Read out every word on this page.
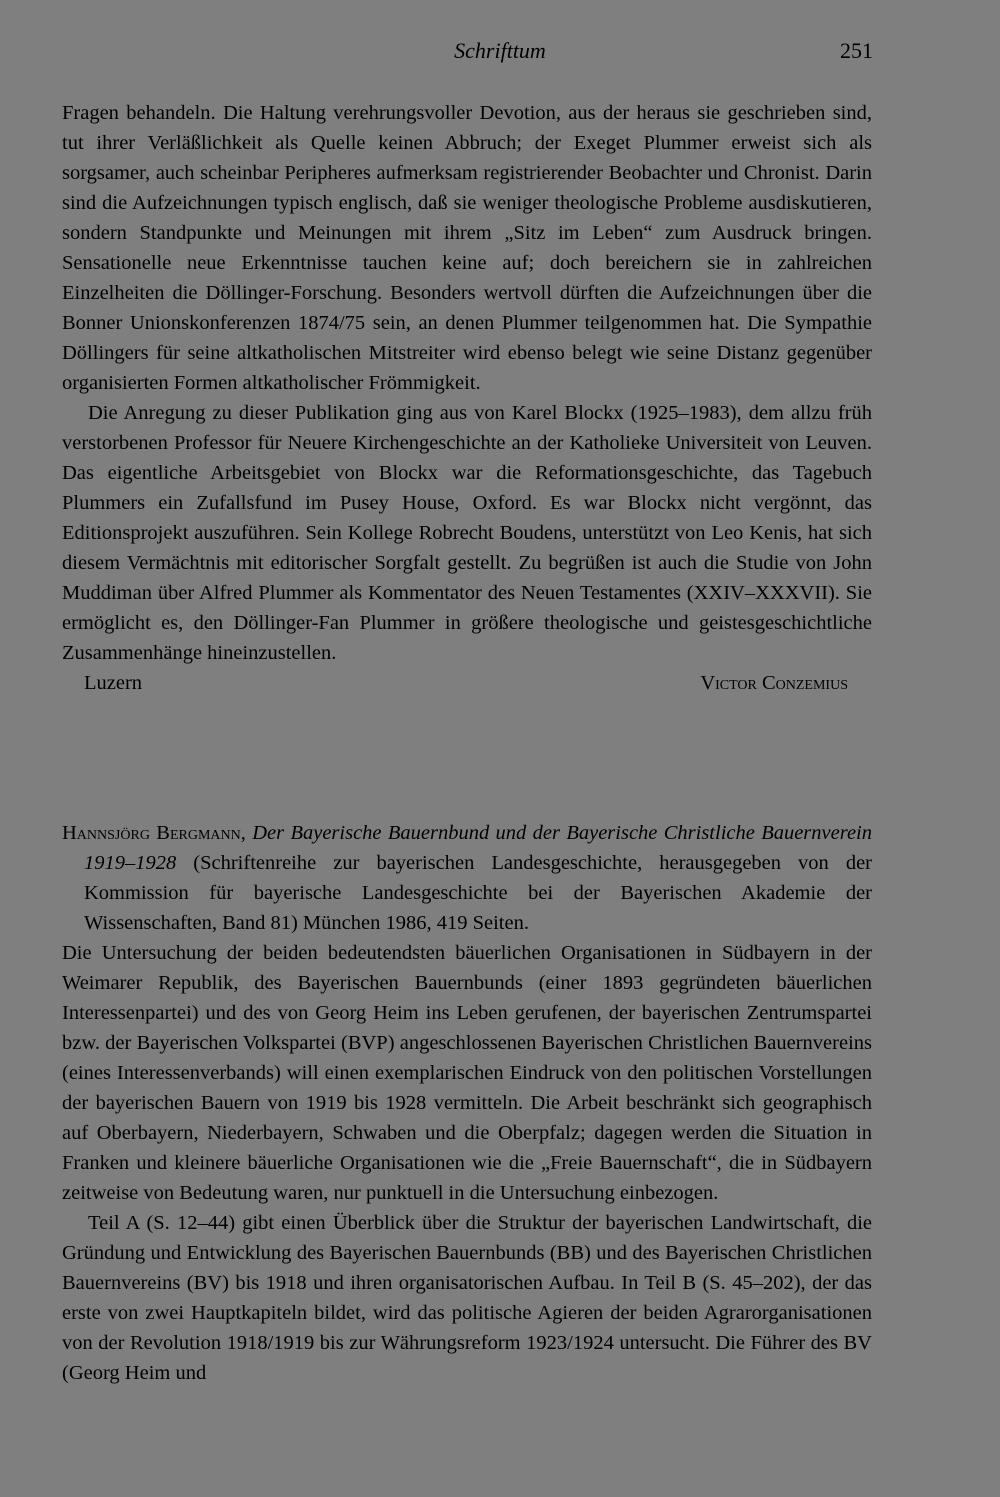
Schrifttum	251

Fragen behandeln. Die Haltung verehrungsvoller Devotion, aus der heraus sie geschrieben sind, tut ihrer Verläßlichkeit als Quelle keinen Abbruch; der Exeget Plummer erweist sich als sorgsamer, auch scheinbar Peripheres aufmerksam registrierender Beobachter und Chronist. Darin sind die Aufzeichnungen typisch englisch, daß sie weniger theologische Probleme ausdiskutieren, sondern Standpunkte und Meinungen mit ihrem „Sitz im Leben“ zum Ausdruck bringen. Sensationelle neue Erkenntnisse tauchen keine auf; doch bereichern sie in zahlreichen Einzelheiten die Döllinger-Forschung. Besonders wertvoll dürften die Aufzeichnungen über die Bonner Unionskonferenzen 1874/75 sein, an denen Plummer teilgenommen hat. Die Sympathie Döllingers für seine altkatholischen Mitstreiter wird ebenso belegt wie seine Distanz gegenüber organisierten Formen altkatholischer Frömmigkeit.

Die Anregung zu dieser Publikation ging aus von Karel Blockx (1925–1983), dem allzu früh verstorbenen Professor für Neuere Kirchengeschichte an der Katholieke Universiteit von Leuven. Das eigentliche Arbeitsgebiet von Blockx war die Reformationsgeschichte, das Tagebuch Plummers ein Zufallsfund im Pusey House, Oxford. Es war Blockx nicht vergönnt, das Editionsprojekt auszuführen. Sein Kollege Robrecht Boudens, unterstützt von Leo Kenis, hat sich diesem Vermächtnis mit editorischer Sorgfalt gestellt. Zu begrüßen ist auch die Studie von John Muddiman über Alfred Plummer als Kommentator des Neuen Testamentes (XXIV–XXXVII). Sie ermöglicht es, den Döllinger-Fan Plummer in größere theologische und geistesgeschichtliche Zusammenhänge hineinzustellen.

Luzern	Victor Conzemius
Hannsjörg Bergmann, Der Bayerische Bauernbund und der Bayerische Christliche Bauernverein 1919–1928 (Schriftenreihe zur bayerischen Landesgeschichte, herausgegeben von der Kommission für bayerische Landesgeschichte bei der Bayerischen Akademie der Wissenschaften, Band 81) München 1986, 419 Seiten.

Die Untersuchung der beiden bedeutendsten bäuerlichen Organisationen in Südbayern in der Weimarer Republik, des Bayerischen Bauernbunds (einer 1893 gegründeten bäuerlichen Interessenpartei) und des von Georg Heim ins Leben gerufenen, der bayerischen Zentrumspartei bzw. der Bayerischen Volkspartei (BVP) angeschlossenen Bayerischen Christlichen Bauernvereins (eines Interessenverbands) will einen exemplarischen Eindruck von den politischen Vorstellungen der bayerischen Bauern von 1919 bis 1928 vermitteln. Die Arbeit beschränkt sich geographisch auf Oberbayern, Niederbayern, Schwaben und die Oberpfalz; dagegen werden die Situation in Franken und kleinere bäuerliche Organisationen wie die „Freie Bauernschaft“, die in Südbayern zeitweise von Bedeutung waren, nur punktuell in die Untersuchung einbezogen.

Teil A (S. 12–44) gibt einen Überblick über die Struktur der bayerischen Landwirtschaft, die Gründung und Entwicklung des Bayerischen Bauernbunds (BB) und des Bayerischen Christlichen Bauernvereins (BV) bis 1918 und ihren organisatorischen Aufbau. In Teil B (S. 45–202), der das erste von zwei Hauptkapiteln bildet, wird das politische Agieren der beiden Agrarorganisationen von der Revolution 1918/1919 bis zur Währungsreform 1923/1924 untersucht. Die Führer des BV (Georg Heim und
